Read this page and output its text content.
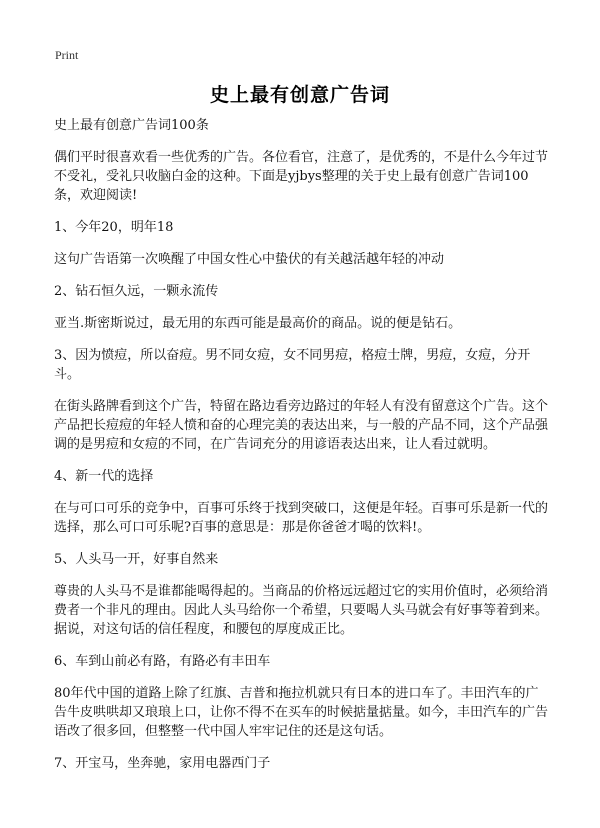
Print
史上最有创意广告词

史上最有创意广告词100条

偶们平时很喜欢看一些优秀的广告。各位看官，注意了，是优秀的，不是什么今年过节不受礼，受礼只收脑白金的这种。下面是yjbys整理的关于史上最有创意广告词100条，欢迎阅读!

1、今年20，明年18

这句广告语第一次唤醒了中国女性心中蛰伏的有关越活越年轻的冲动

2、钻石恒久远，一颗永流传

亚当.斯密斯说过，最无用的东西可能是最高价的商品。说的便是钻石。

3、因为愤痘，所以奋痘。男不同女痘，女不同男痘，格痘士牌，男痘，女痘，分开斗。

在街头路牌看到这个广告，特留在路边看旁边路过的年轻人有没有留意这个广告。这个产品把长痘痘的年轻人愤和奋的心理完美的表达出来，与一般的产品不同，这个产品强调的是男痘和女痘的不同，在广告词充分的用谚语表达出来，让人看过就明。

4、新一代的选择

在与可口可乐的竞争中，百事可乐终于找到突破口，这便是年轻。百事可乐是新一代的选择，那么可口可乐呢?百事的意思是：那是你爸爸才喝的饮料!。

5、人头马一开，好事自然来

尊贵的人头马不是谁都能喝得起的。当商品的价格远远超过它的实用价值时，必须给消费者一个非凡的理由。因此人头马给你一个希望，只要喝人头马就会有好事等着到来。据说，对这句话的信任程度，和腰包的厚度成正比。

6、车到山前必有路，有路必有丰田车

80年代中国的道路上除了红旗、吉普和拖拉机就只有日本的进口车了。丰田汽车的广告牛皮哄哄却又琅琅上口，让你不得不在买车的时候掂量掂量。如今，丰田汽车的广告语改了很多回，但整整一代中国人牢牢记住的还是这句话。

7、开宝马，坐奔驰，家用电器西门子
